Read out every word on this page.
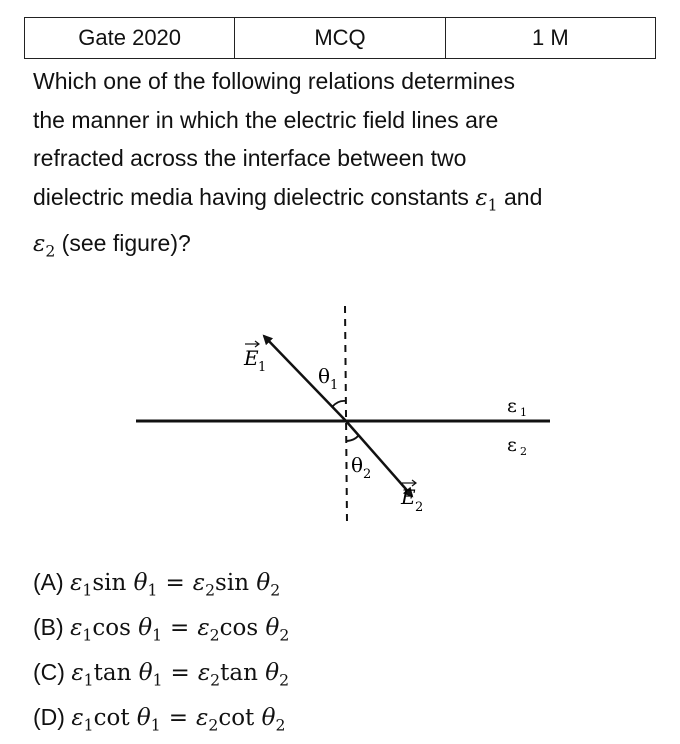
Gate 2020	MCQ	1 M

Which one of the following relations determines
the manner in which the electric field lines are
refracted across the interface between two
dielectric media having dielectric constants $\varepsilon_1$ and
$\varepsilon_2$ (see figure)?

E 1	θ 1
θ 2
E 2
ε 1
ε 2
(A) $\varepsilon_1\sin$ $\theta_1 = \varepsilon_2\sin$ $\theta_2$
(B) $\varepsilon_1\cos$ $\theta_1 = \varepsilon_2\cos$ $\theta_2$
(C) $\varepsilon_1\tan$ $\theta_1 = \varepsilon_2\tan$ $\theta_2$
(D) $\varepsilon_1\cot$ $\theta_1 = \varepsilon_2\cot$ $\theta_2$
